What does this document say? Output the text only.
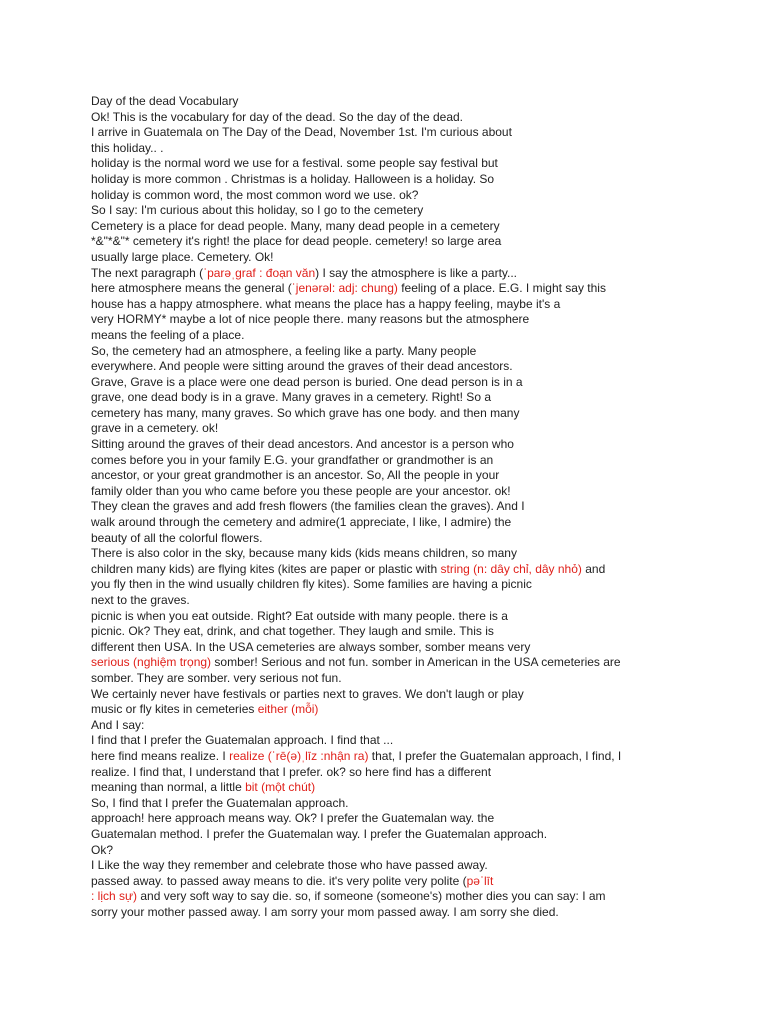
Day of the dead Vocabulary
Ok! This is the vocabulary for day of the dead. So the day of the dead.
I arrive in Guatemala on The Day of the Dead, November 1st. I'm curious about
this holiday.. .
holiday is the normal word we use for a festival. some people say festival but
holiday is more common . Christmas is a holiday. Halloween is a holiday. So
holiday is common word, the most common word we use. ok?
So I say: I'm curious about this holiday, so I go to the cemetery
Cemetery is a place for dead people. Many, many dead people in a cemetery
*&"*&"* cemetery it's right! the place for dead people. cemetery! so large area
usually large place. Cemetery. Ok!
The next paragraph (ˈparəˌgraf : đoạn văn) I say the atmosphere is like a party...
here atmosphere means the general (ˈjenərəl: adj: chung) feeling of a place. E.G. I might say this
house has a happy atmosphere. what means the place has a happy feeling, maybe it's a
very HORMY* maybe a lot of nice people there. many reasons but the atmosphere
means the feeling of a place.
So, the cemetery had an atmosphere, a feeling like a party. Many people
everywhere. And people were sitting around the graves of their dead ancestors.
Grave, Grave is a place were one dead person is buried. One dead person is in a
grave, one dead body is in a grave. Many graves in a cemetery. Right! So a
cemetery has many, many graves. So which grave has one body. and then many
grave in a cemetery. ok!
Sitting around the graves of their dead ancestors. And ancestor is a person who
comes before you in your family E.G. your grandfather or grandmother is an
ancestor, or your great grandmother is an ancestor. So, All the people in your
family older than you who came before you these people are your ancestor. ok!
They clean the graves and add fresh flowers (the families clean the graves). And I
walk around through the cemetery and admire(1 appreciate, I like, I admire) the
beauty of all the colorful flowers.
There is also color in the sky, because many kids (kids means children, so many
children many kids) are flying kites (kites are paper or plastic with string (n: dây chỉ, dây nhỏ) and
you fly then in the wind usually children fly kites). Some families are having a picnic
next to the graves.
picnic is when you eat outside. Right? Eat outside with many people. there is a
picnic. Ok? They eat, drink, and chat together. They laugh and smile. This is
different then USA. In the USA cemeteries are always somber, somber means very
serious (nghiệm trọng) somber! Serious and not fun. somber in American in the USA cemeteries are
somber. They are somber. very serious not fun.
We certainly never have festivals or parties next to graves. We don't laugh or play
music or fly kites in cemeteries either (mỗi)
And I say:
I find that I prefer the Guatemalan approach. I find that ...
here find means realize. I realize (ˈrē(ə)ˌlīz :nhận ra) that, I prefer the Guatemalan approach, I find, I
realize. I find that, I understand that I prefer. ok? so here find has a different
meaning than normal, a little bit (một chút)
So, I find that I prefer the Guatemalan approach.
approach! here approach means way. Ok? I prefer the Guatemalan way. the
Guatemalan method. I prefer the Guatemalan way. I prefer the Guatemalan approach.
Ok?
I Like the way they remember and celebrate those who have passed away.
passed away. to passed away means to die. it's very polite very polite (pəˈlīt
: lịch sự) and very soft way to say die. so, if someone (someone's) mother dies you can say: I am
sorry your mother passed away. I am sorry your mom passed away. I am sorry she died.
